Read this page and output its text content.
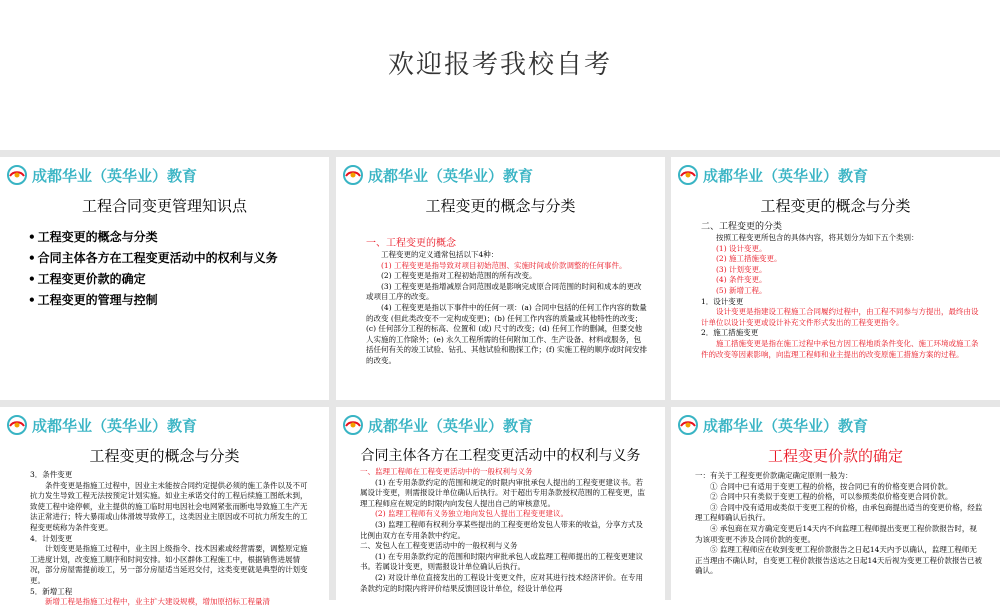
欢迎报考我校自考
成都华业（英华业）教育
工程合同变更管理知识点
• 工程变更的概念与分类
• 合同主体各方在工程变更活动中的权利与义务
• 工程变更价款的确定
• 工程变更的管理与控制
成都华业（英华业）教育
工程变更的概念与分类

一、工程变更的概念

工程变更的定义通常包括以下4种：

(1) 工程变更是指导致对项目初始范围、实施时间或价款调整的任何事件。

(2) 工程变更是指对工程初始范围的所有改变。

(3) 工程变更是指增减原合同范围或是影响完成原合同范围的时间和成本的更改或项目工序的改变。

(4) 工程变更是指以下事件中的任何一项：(a) 合同中包括的任何工作内容的数量的改变 (但此类改变不一定构成变更)；(b) 任何工作内容的质量或其他特性的改变；(c) 任何部分工程的标高、位置和 (或) 尺寸的改变；(d) 任何工作的删减，但要交他人实施的工作除外；(e) 永久工程所需的任何附加工作、生产设备、材料或服务，包括任何有关的竣工试验、钻孔、其他试验和勘探工作；(f) 实施工程的顺序或时间安排的改变。

成都华业（英华业）教育
工程变更的概念与分类

二、工程变更的分类

按照工程变更所包含的具体内容，将其划分为如下五个类别：

(1) 设计变更。

(2) 施工措施变更。

(3) 计划变更。

(4) 条件变更。

(5) 新增工程。

1．设计变更

设计变更是指建设工程施工合同履约过程中，由工程不同参与方提出，最终由设计单位以设计变更或设计补充文件形式发出的工程变更指令。

2．施工措施变更

施工措施变更是指在施工过程中承包方因工程地质条件变化、施工环境或施工条件的改变等因素影响，向监理工程师和业主提出的改变原施工措施方案的过程。

成都华业（英华业）教育
工程变更的概念与分类

3．条件变更

条件变更是指施工过程中，因业主未能按合同约定提供必须的施工条件以及不可抗力发生导致工程无法按预定计划实施。如业主承诺交付的工程后续施工图纸未到，致使工程中途停顿，业主提供的施工临时用电因社会电网紧张而断电导致施工生产无法正常进行；特大暴雨或山体滑坡导致停工，这类因业主原因或不可抗力所发生的工程变更统称为条件变更。

4．计划变更

计划变更是指施工过程中，业主因上级指令、技术因素或经营需要，调整原定施工进度计划，改变施工顺序和时间安排。如小区群体工程施工中，根据销售进展情况，部分房屋需提前竣工，另一部分房屋适当延迟交付，这类变更就是典型的计划变更。

5．新增工程

新增工程是指施工过程中，业主扩大建设规模，增加原招标工程量清

成都华业（英华业）教育
合同主体各方在工程变更活动中的权利与义务

一、监理工程师在工程变更活动中的一般权利与义务

(1) 在专用条款约定的范围和规定的时限内审批承包人提出的工程变更建议书。若属设计变更，则需报设计单位确认后执行。对于超出专用条款授权范围的工程变更，监理工程师应在规定的时限内向发包人提出自己的审核意见。

(2) 监理工程师有义务独立地向发包人提出工程变更建议。

(3) 监理工程师有权利分享某些提出的工程变更给发包人带来的收益，分享方式及比例由双方在专用条款中约定。

二、发包人在工程变更活动中的一般权利与义务

(1) 在专用条款约定的范围和时限内审批承包人或监理工程师提出的工程变更建议书。若属设计变更，则需报设计单位确认后执行。

(2) 对设计单位直接发出的工程设计变更文件，应对其进行技术经济评价。在专用条款约定的时限内将评价结果反馈回设计单位，经设计单位再

成都华业（英华业）教育
工程变更价款的确定

一：有关于工程变更价款确定确定原则一般为：

① 合同中已有适用于变更工程的价格，按合同已有的价格变更合同价款。

② 合同中只有类似于变更工程的价格，可以参照类似价格变更合同价款。

③ 合同中没有适用或类似于变更工程的价格，由承包商提出适当的变更价格，经监理工程师确认后执行。

④ 承包商在双方确定变更后14天内不向监理工程师提出变更工程价款报告时，视为该项变更不涉及合同价款的变更。

⑤ 监理工程师应在收到变更工程价款报告之日起14天内予以确认，监理工程师无正当理由不确认时，自变更工程价款报告送达之日起14天后视为变更工程价款报告已被确认。
